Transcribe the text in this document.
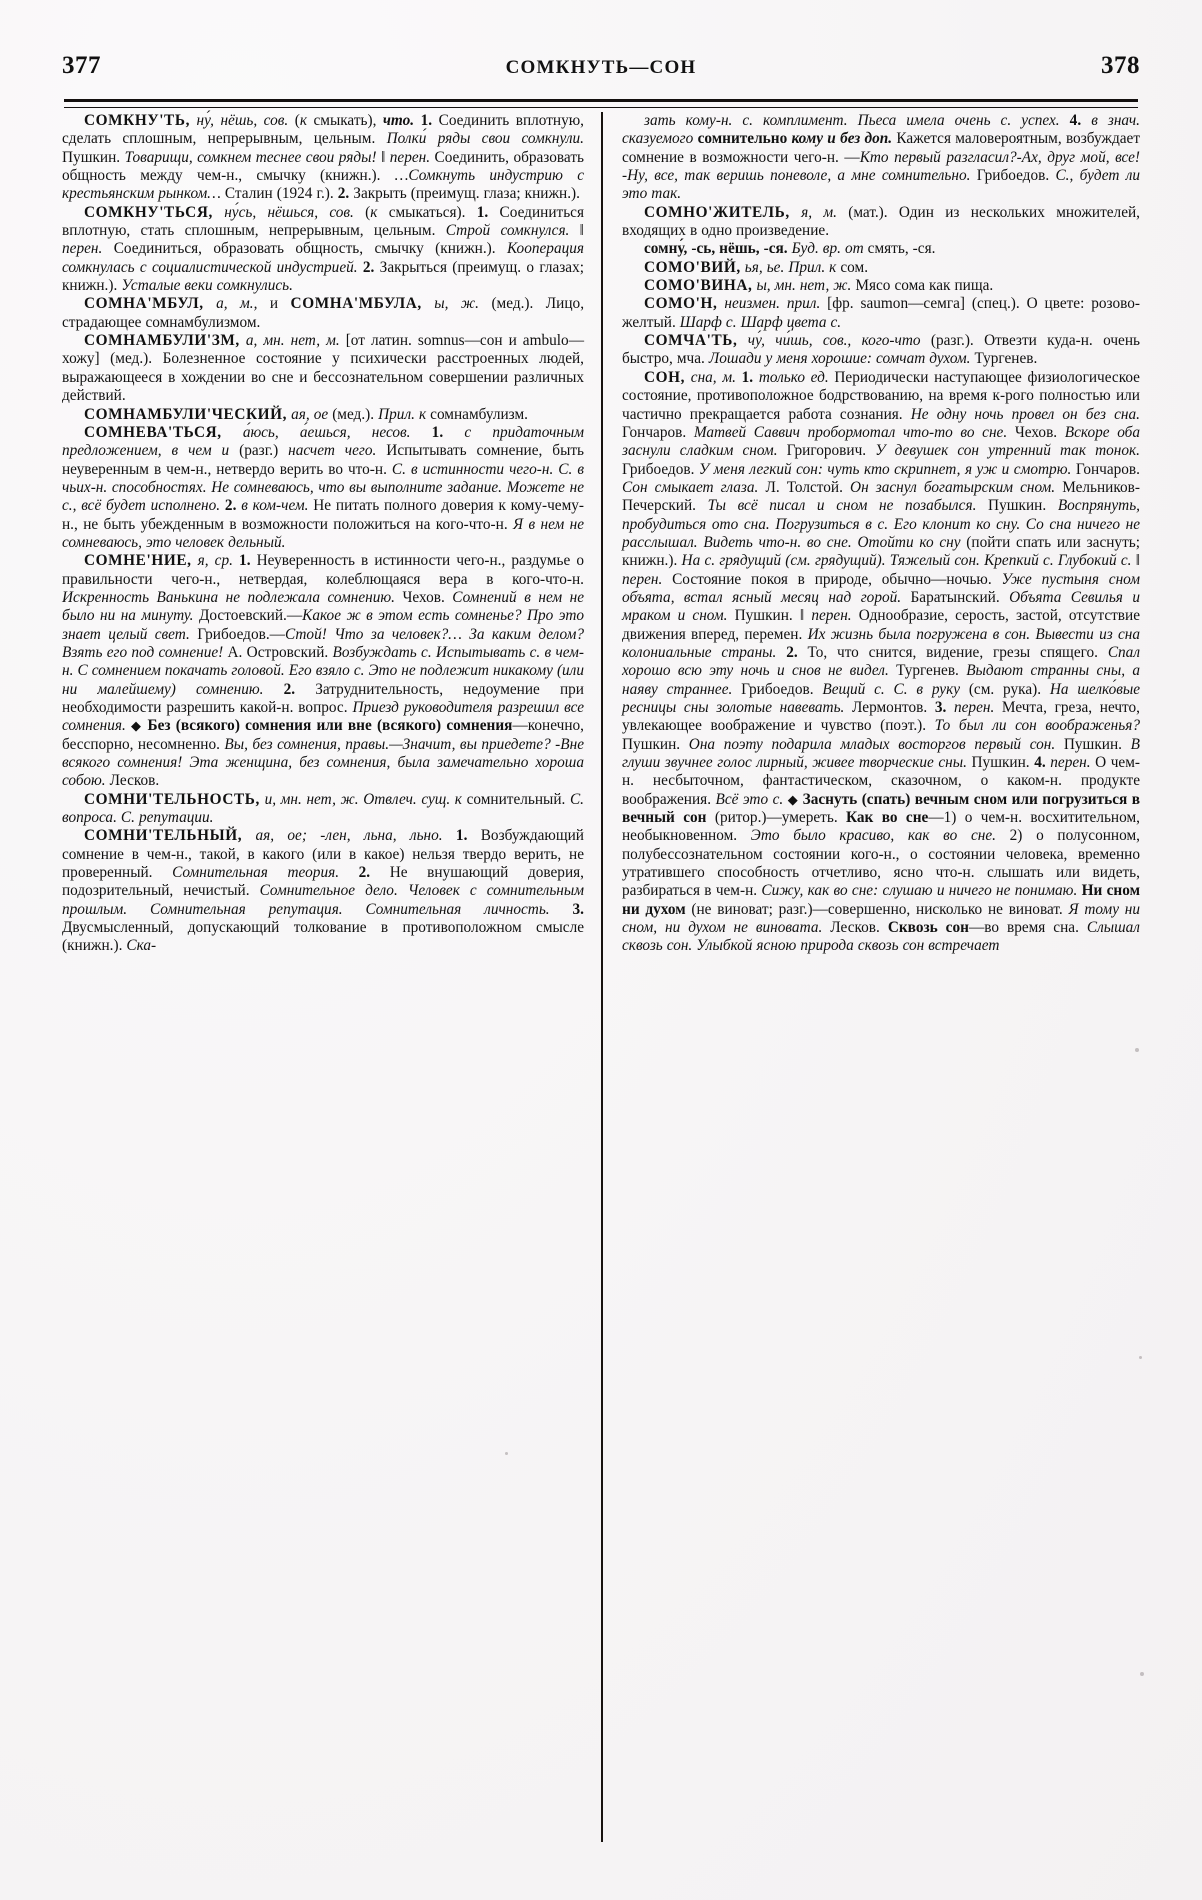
377	СОМКНУТЬ—СОН	378

СОМКНУ'ТЬ, ну́, нёшь, сов. (к смыкать), что. 1. Соединить вплотную, сделать сплошным, непрерывным, цельным. Полки́ ряды свои сомкнули. Пушкин. Товарищи, сомкнем теснее свои ряды! ‖ перен. Соединить, образовать общность между чем-н., смычку (книжн.). …Сомкнуть индустрию с крестьянским рынком… Сталин (1924 г.). 2. Закрыть (преимущ. глаза; книжн.).

СОМКНУ'ТЬСЯ, ну́сь, нёшься, сов. (к смыкаться). 1. Соединиться вплотную, стать сплошным, непрерывным, цельным. Строй сомкнулся. ‖ перен. Соединиться, образовать общность, смычку (книжн.). Кооперация сомкнулась с социалистической индустрией. 2. Закрыться (преимущ. о глазах; книжн.). Усталые веки сомкнулись.

СОМНА'МБУЛ, а, м., и СОМНА'МБУЛА, ы, ж. (мед.). Лицо, страдающее сомнамбулизмом.

СОМНАМБУЛИ'ЗМ, а, мн. нет, м. [от латин. somnus—сон и ambulo—хожу] (мед.). Болезненное состояние у психически расстроенных людей, выражающееся в хождении во сне и бессознательном совершении различных действий.

СОМНАМБУЛИ'ЧЕСКИЙ, ая, ое (мед.). Прил. к сомнамбулизм.

СОМНЕВА'ТЬСЯ, а́юсь, а́ешься, несов. 1. с придаточным предложением, в чем и (разг.) насчет чего. Испытывать сомнение, быть неуверенным в чем-н., нетвердо верить во что-н. С. в истинности чего-н. С. в чьих-н. способностях. Не сомневаюсь, что вы выполните задание. Можете не с., всё будет исполнено. 2. в ком-чем. Не питать полного доверия к кому-чему-н., не быть убежденным в возможности положиться на кого-что-н. Я в нем не сомневаюсь, это человек дельный.

СОМНЕ'НИЕ, я, ср. 1. Неуверенность в истинности чего-н., раздумье о правильности чего-н., нетвердая, колеблющаяся вера в кого-что-н. Искренность Ванькина не подлежала сомнению. Чехов. Сомнений в нем не было ни на минуту. Достоевский.—Какое ж в этом есть сомненье? Про это знает целый свет. Грибоедов.—Стой! Что за человек?… За каким делом? Взять его под сомнение! А. Островский. Возбуждать с. Испытывать с. в чем-н. С сомнением покачать головой. Его взяло с. Это не подлежит никакому (или ни малейшему) сомнению. 2. Затруднительность, недоумение при необходимости разрешить какой-н. вопрос. Приезд руководителя разрешил все сомнения. ◆ Без (всякого) сомнения или вне (всякого) сомнения—конечно, бесспорно, несомненно. Вы, без сомнения, правы.—Значит, вы приедете? -Вне всякого сомнения! Эта женщина, без сомнения, была замечательно хороша собою. Лесков.

СОМНИ'ТЕЛЬНОСТЬ, и, мн. нет, ж. Отвлеч. сущ. к сомнительный. С. вопроса. С. репутации.

СОМНИ'ТЕЛЬНЫЙ, ая, ое; -лен, льна, льно. 1. Возбуждающий сомнение в чем-н., такой, в какого (или в какое) нельзя твердо верить, не проверенный. Сомнительная теория. 2. Не внушающий доверия, подозрительный, нечистый. Сомнительное дело. Человек с сомнительным прошлым. Сомнительная репутация. Сомнительная личность. 3. Двусмысленный, допускающий толкование в противоположном смысле (книжн.). Ска-

зать кому-н. с. комплимент. Пьеса имела очень с. успех. 4. в знач. сказуемого сомнительно кому и без доп. Кажется маловероятным, возбуждает сомнение в возможности чего-н. —Кто первый разгласил?-Ах, друг мой, все! -Ну, все, так веришь поневоле, а мне сомнительно. Грибоедов. С., будет ли это так.

СОМНО'ЖИТЕЛЬ, я, м. (мат.). Один из нескольких множителей, входящих в одно произведение.

сомну́, -сь, нёшь, -ся. Буд. вр. от смять, -ся.

СОМО'ВИЙ, ья, ье. Прил. к сом.

СОМО'ВИНА, ы, мн. нет, ж. Мясо сома как пища.

СОМО'Н, неизмен. прил. [фр. saumon—семга] (спец.). О цвете: розово-желтый. Шарф с. Шарф цвета с.

СОМЧА'ТЬ, чу́, чи́шь, сов., кого-что (разг.). Отвезти куда-н. очень быстро, мча. Лошади у меня хорошие: сомчат духом. Тургенев.

СОН, сна, м. 1. только ед. Периодически наступающее физиологическое состояние, противоположное бодрствованию, на время к-рого полностью или частично прекращается работа сознания. Не одну ночь провел он без сна. Гончаров. Матвей Саввич пробормотал что-то во сне. Чехов. Вскоре оба заснули сладким сном. Григорович. У девушек сон утренний так тонок. Грибоедов. У меня легкий сон: чуть кто скрипнет, я уж и смотрю. Гончаров. Сон смыкает глаза. Л. Толстой. Он заснул богатырским сном. Мельников-Печерский. Ты всё писал и сном не позабылся. Пушкин. Воспрянуть, пробудиться ото сна. Погрузиться в с. Его клонит ко сну. Со сна ничего не расслышал. Видеть что-н. во сне. Отойти ко сну (пойти спать или заснуть; книжн.). На с. грядущий (см. грядущий). Тяжелый сон. Крепкий с. Глубокий с. ‖ перен. Состояние покоя в природе, обычно—ночью. Уже пустыня сном объята, встал ясный месяц над горой. Баратынский. Объята Севилья и мраком и сном. Пушкин. ‖ перен. Однообразие, серость, застой, отсутствие движения вперед, перемен. Их жизнь была погружена в сон. Вывести из сна колониальные страны. 2. То, что снится, видение, грезы спящего. Спал хорошо всю эту ночь и снов не видел. Тургенев. Выдают странны сны, а наяву страннее. Грибоедов. Вещий с. С. в руку (см. рука). На шелко́вые ресницы сны золотые навевать. Лермонтов. 3. перен. Мечта, греза, нечто, увлекающее воображение и чувство (поэт.). То был ли сон воображенья? Пушкин. Она поэту подарила младых восторгов первый сон. Пушкин. В глуши звучнее голос лирный, живее творческие сны. Пушкин. 4. перен. О чем-н. несбыточном, фантастическом, сказочном, о каком-н. продукте воображения. Всё это с. ◆ Заснуть (спать) вечным сном или погрузиться в вечный сон (ритор.)—умереть. Как во сне—1) о чем-н. восхитительном, необыкновенном. Это было красиво, как во сне. 2) о полусонном, полубессознательном состоянии кого-н., о состоянии человека, временно утратившего способность отчетливо, ясно что-н. слышать или видеть, разбираться в чем-н. Сижу, как во сне: слушаю и ничего не понимаю. Ни сном ни духом (не виноват; разг.)—совершенно, нисколько не виноват. Я тому ни сном, ни духом не виновата. Лесков. Сквозь сон—во время сна. Слышал сквозь сон. Улыбкой ясною природа сквозь сон встречает
